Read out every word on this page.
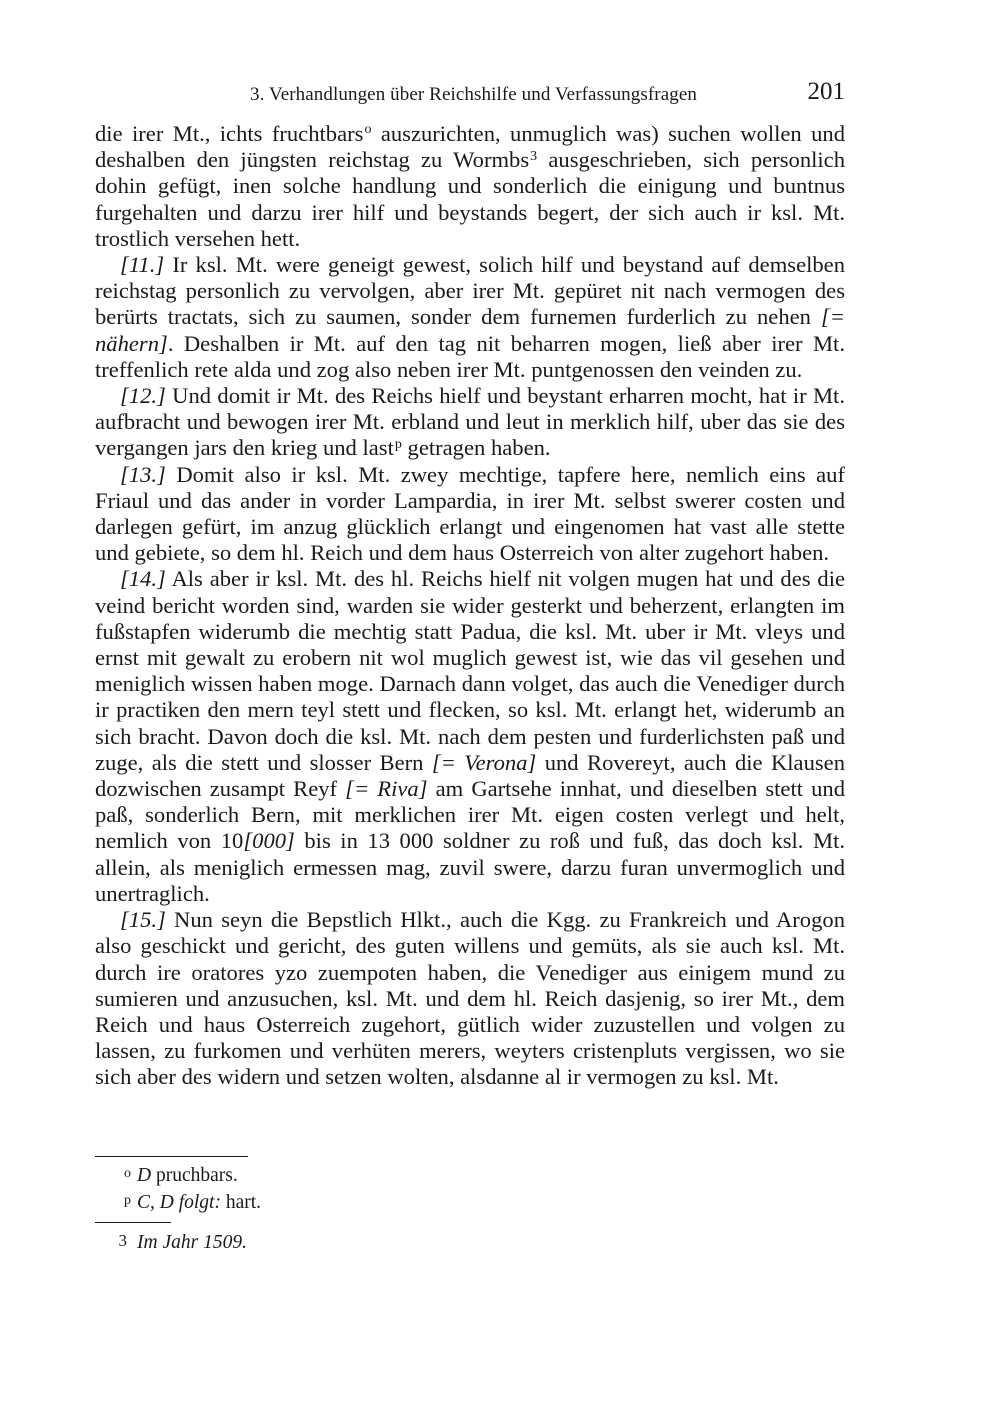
3. Verhandlungen über Reichshilfe und Verfassungsfragen	201

die irer Mt., ichts fruchtbars$^o$ auszurichten, unmuglich was) suchen wollen und deshalben den jüngsten reichstag zu Wormbs$^3$ ausgeschrieben, sich personlich dohin gefügt, inen solche handlung und sonderlich die einigung und buntnus furgehalten und darzu irer hilf und beystands begert, der sich auch ir ksl. Mt. trostlich versehen hett.

[11.] Ir ksl. Mt. were geneigt gewest, solich hilf und beystand auf demselben reichstag personlich zu vervolgen, aber irer Mt. gepüret nit nach vermogen des berürts tractats, sich zu saumen, sonder dem furnemen furderlich zu nehen [= nähern]. Deshalben ir Mt. auf den tag nit beharren mogen, ließ aber irer Mt. treffenlich rete alda und zog also neben irer Mt. puntgenossen den veinden zu.

[12.] Und domit ir Mt. des Reichs hielf und beystant erharren mocht, hat ir Mt. aufbracht und bewogen irer Mt. erbland und leut in merklich hilf, uber das sie des vergangen jars den krieg und last$^p$ getragen haben.

[13.] Domit also ir ksl. Mt. zwey mechtige, tapfere here, nemlich eins auf Friaul und das ander in vorder Lampardia, in irer Mt. selbst swerer costen und darlegen gefürt, im anzug glücklich erlangt und eingenomen hat vast alle stette und gebiete, so dem hl. Reich und dem haus Osterreich von alter zugehort haben.

[14.] Als aber ir ksl. Mt. des hl. Reichs hielf nit volgen mugen hat und des die veind bericht worden sind, warden sie wider gesterkt und beherzent, erlangten im fußstapfen widerumb die mechtig statt Padua, die ksl. Mt. uber ir Mt. vleys und ernst mit gewalt zu erobern nit wol muglich gewest ist, wie das vil gesehen und meniglich wissen haben moge. Darnach dann volget, das auch die Venediger durch ir practiken den mern teyl stett und flecken, so ksl. Mt. erlangt het, widerumb an sich bracht. Davon doch die ksl. Mt. nach dem pesten und furderlichsten paß und zuge, als die stett und slosser Bern [= Verona] und Rovereyt, auch die Klausen dozwischen zusampt Reyf [= Riva] am Gartsehe innhat, und dieselben stett und paß, sonderlich Bern, mit merklichen irer Mt. eigen costen verlegt und helt, nemlich von 10[000] bis in 13 000 soldner zu roß und fuß, das doch ksl. Mt. allein, als meniglich ermessen mag, zuvil swere, darzu furan unvermoglich und unertraglich.

[15.] Nun seyn die Bepstlich Hlkt., auch die Kgg. zu Frankreich und Arogon also geschickt und gericht, des guten willens und gemüts, als sie auch ksl. Mt. durch ire oratores yzo zuempoten haben, die Venediger aus einigem mund zu sumieren und anzusuchen, ksl. Mt. und dem hl. Reich dasjenig, so irer Mt., dem Reich und haus Osterreich zugehort, gütlich wider zuzustellen und volgen zu lassen, zu furkomen und verhüten merers, weyters cristenpluts vergissen, wo sie sich aber des widern und setzen wolten, alsdanne al ir vermogen zu ksl. Mt.

o D pruchbars.
p C, D folgt: hart.
3 Im Jahr 1509.
